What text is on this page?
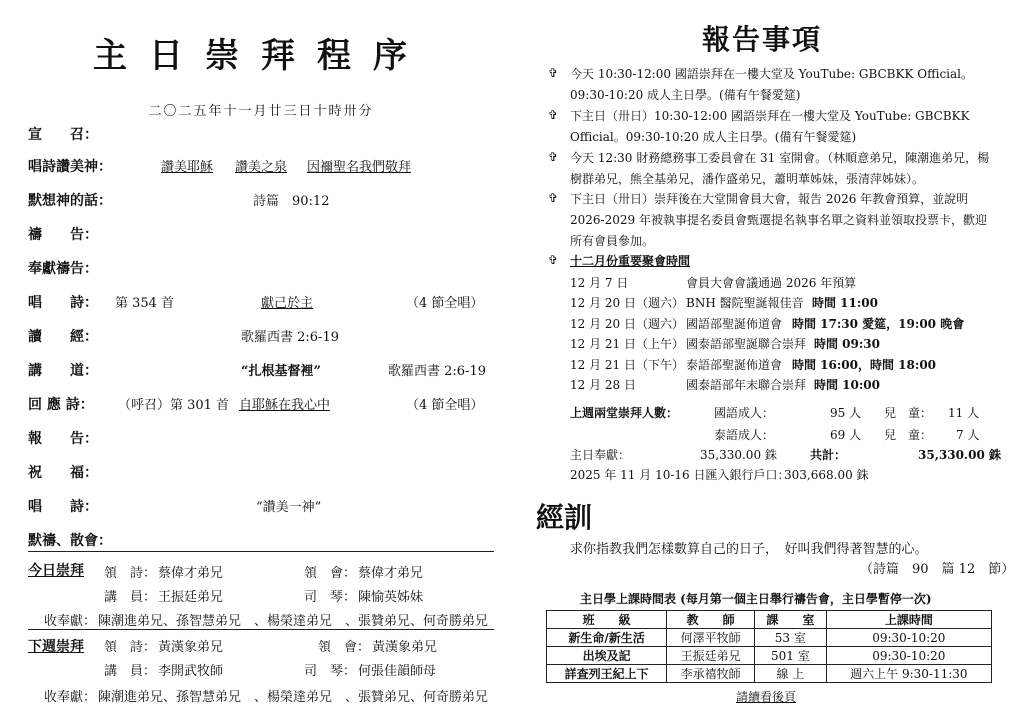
主日崇拜程序
二〇二五年十一月廿三日十時卅分
宣　　召：
唱詩讚美神：	讚美耶穌 讚美之泉 因禰聖名我們敬拜
默想神的話：	詩篇　90:12
禱　　告：
奉獻禱告：
唱　　詩： 第 354 首	獻己於主	（4 節全唱）
讀　　經：	歌羅西書 2:6-19
講　　道：	“扎根基督裡”	歌羅西書 2:6-19
回 應 詩： （呼召）第 301 首 自耶穌在我心中	（4 節全唱）
報　　告：
祝　　福：
唱　　詩：	“讚美一神”
默禱、散會：
今日崇拜 領　詩： 蔡偉才弟兄	領　會： 蔡偉才弟兄
講　員： 王振廷弟兄	司　琴： 陳愉英姊妹
收奉獻： 陳潮進弟兄、孫智慧弟兄　、楊榮達弟兄　、張贊弟兄、何奇勝弟兄
下週崇拜 領　詩： 黃漢象弟兄	領　會： 黃漢象弟兄
講　員： 李開武牧師	司　琴： 何張佳韻師母
收奉獻： 陳潮進弟兄、孫智慧弟兄　、楊榮達弟兄　、張贊弟兄、何奇勝弟兄
報告事項
✞ 今天 10:30-12:00 國語崇拜在一樓大堂及 YouTube: GBCBKK Official。09:30-10:20 成人主日學。(備有午餐愛筵)
✞ 下主日（卅日）10:30-12:00 國語崇拜在一樓大堂及 YouTube: GBCBKK Official。09:30-10:20 成人主日學。(備有午餐愛筵)
✞ 今天 12:30 財務總務事工委員會在 31 室開會。（林順意弟兄，陳潮進弟兄，楊樹群弟兄，熊全基弟兄，潘作盛弟兄，蕭明華姊妹，張清萍姊妹）。
✞ 下主日（卅日）崇拜後在大堂開會員大會，報告 2026 年教會預算，並說明 2026-2029 年被執事提名委員會甄選提名執事名單之資料並領取投票卡，歡迎所有會員參加。
✞ 十二月份重要聚會時間
12 月 7 日	會員大會會議通過 2026 年預算
12 月 20 日（週六） BNH 醫院聖誕報佳音 時間 11:00
12 月 20 日（週六） 國語部聖誕佈道會 時間 17:30 愛筵，19:00 晚會
12 月 21 日（上午） 國泰語部聖誕聯合崇拜 時間 09:30
12 月 21 日（下午） 泰語部聖誕佈道會 時間 16:00，時間 18:00
12 月 28 日	國泰語部年末聯合崇拜 時間 10:00
上週兩堂崇拜人數：	國語成人：	95 人 兒　童： 11 人
泰語成人：	69 人 兒　童： 7 人
主日奉獻：	35,330.00 銖	共計：	35,330.00 銖
2025 年 11 月 10-16 日匯入銀行戶口：
303,668.00 銖
經訓
求你指教我們怎樣數算自己的日子，　好叫我們得著智慧的心。
（詩篇　90　篇 12　節）
主日學上課時間表 (每月第一個主日舉行禱告會，主日學暫停一次)
班　　級	教　　師	課　　室	上課時間
新生命/新生活	何澤平牧師	53 室	09:30-10:20
出埃及記	王振廷弟兄	501 室	09:30-10:20
詳查列王紀上下	李承禧牧師	線 上	週六上午 9:30-11:30
請續看後頁
